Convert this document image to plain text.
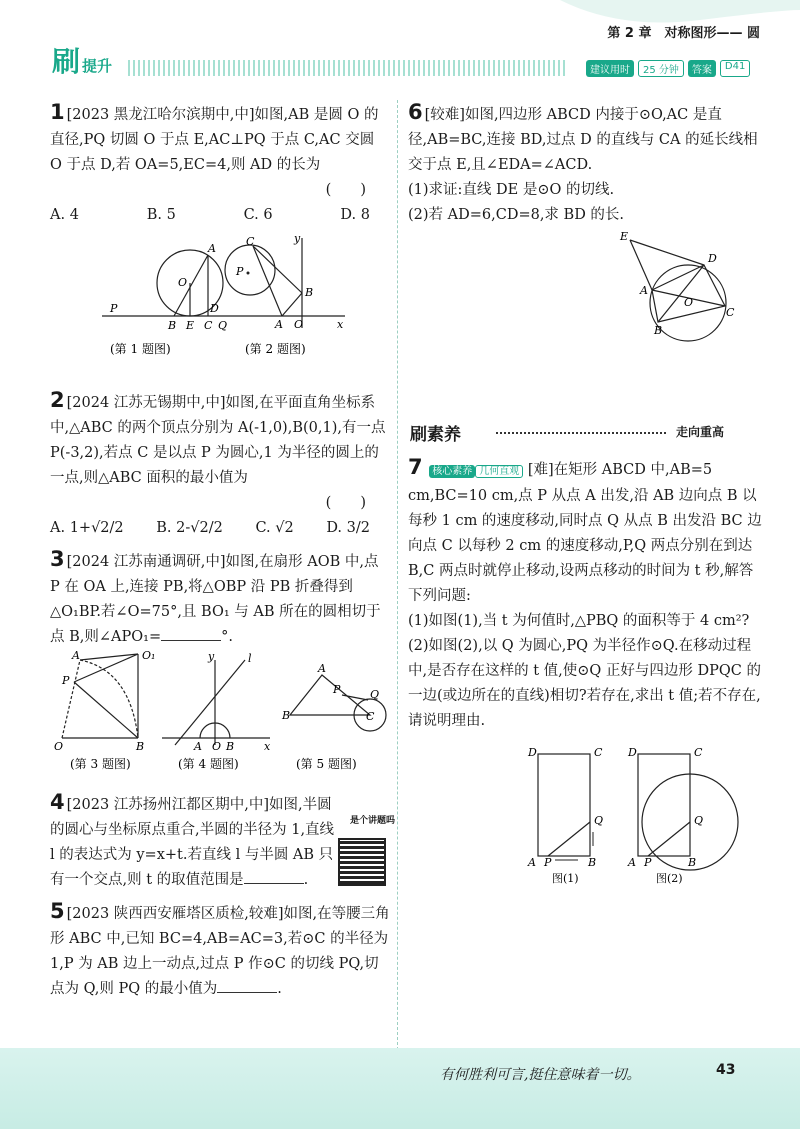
第 2 章　对称图形—— 圆
刷 提升	建议用时	25 分钟	答案	D41
1 [2023 黑龙江哈尔滨期中,中]如图,AB 是圆 O 的直径,PQ 切圆 O 于点 E,AC⊥PQ 于点 C,AC 交圆 O 于点 D,若 OA=5,EC=4,则 AD 的长为
(　　)
A. 4	B. 5	C. 6	D. 8
P
A
O
D
B E C Q
(第 1 题图)
C
P
B
A O	x
y
(第 2 题图)
2 [2024 江苏无锡期中,中]如图,在平面直角坐标系中,△ABC 的两个顶点分别为 A(-1,0),B(0,1),有一点 P(-3,2),若点 C 是以点 P 为圆心,1 为半径的圆上的一点,则△ABC 面积的最小值为
(　　)
A. 1+√2/2 B. 2-√2/2 C. √2 D. 3/2
3 [2024 江苏南通调研,中]如图,在扇形 AOB 中,点 P 在 OA 上,连接 PB,将△OBP 沿 PB 折叠得到△O₁BP.若∠O=75°,且 BO₁ 与 AB 所在的圆相切于点 B,则∠APO₁=	°.
A	O₁
P
O	B
(第 3 题图)
y	l
A O B	x
(第 4 题图)
B
A
P	Q
C
(第 5 题图)
4 [2023 江苏扬州江都区期中,中]如图,半圆的圆心与坐标原点重合,半圆的半径为 1,直线 l 的表达式为 y=x+t.若直线 l 与半圆 AB 只有一个交点,则 t 的取值范围是	.
5 [2023 陕西西安雁塔区质检,较难]如图,在等腰三角形 ABC 中,已知 BC=4,AB=AC=3,若⊙C 的半径为 1,P 为 AB 边上一动点,过点 P 作⊙C 的切线 PQ,切点为 Q,则 PQ 的最小值为	.
是个讲题吗
6 [较难]如图,四边形 ABCD 内接于⊙O,AC 是直径,AB=BC,连接 BD,过点 D 的直线与 CA 的延长线相交于点 E,且∠EDA=∠ACD.
(1)求证:直线 DE 是⊙O 的切线.
(2)若 AD=6,CD=8,求 BD 的长.
E
D
A
O
B
C
刷素养	走向重高
7 核心素养 几何直观 [难]在矩形 ABCD 中,AB=5 cm,BC=10 cm,点 P 从点 A 出发,沿 AB 边向点 B 以每秒 1 cm 的速度移动,同时点 Q 从点 B 出发沿 BC 边向点 C 以每秒 2 cm 的速度移动,P,Q 两点分别在到达 B,C 两点时就停止移动,设两点移动的时间为 t 秒,解答下列问题:
(1)如图(1),当 t 为何值时,△PBQ 的面积等于 4 cm²?
(2)如图(2),以 Q 为圆心,PQ 为半径作⊙Q.在移动过程中,是否存在这样的 t 值,使⊙Q 正好与四边形 DPQC 的一边(或边所在的直线)相切?若存在,求出 t 值;若不存在,请说明理由.
D	C
Q
A P	B
图(1)
D	C
Q
A P	B
图(2)
有何胜利可言,挺住意味着一切。	43
